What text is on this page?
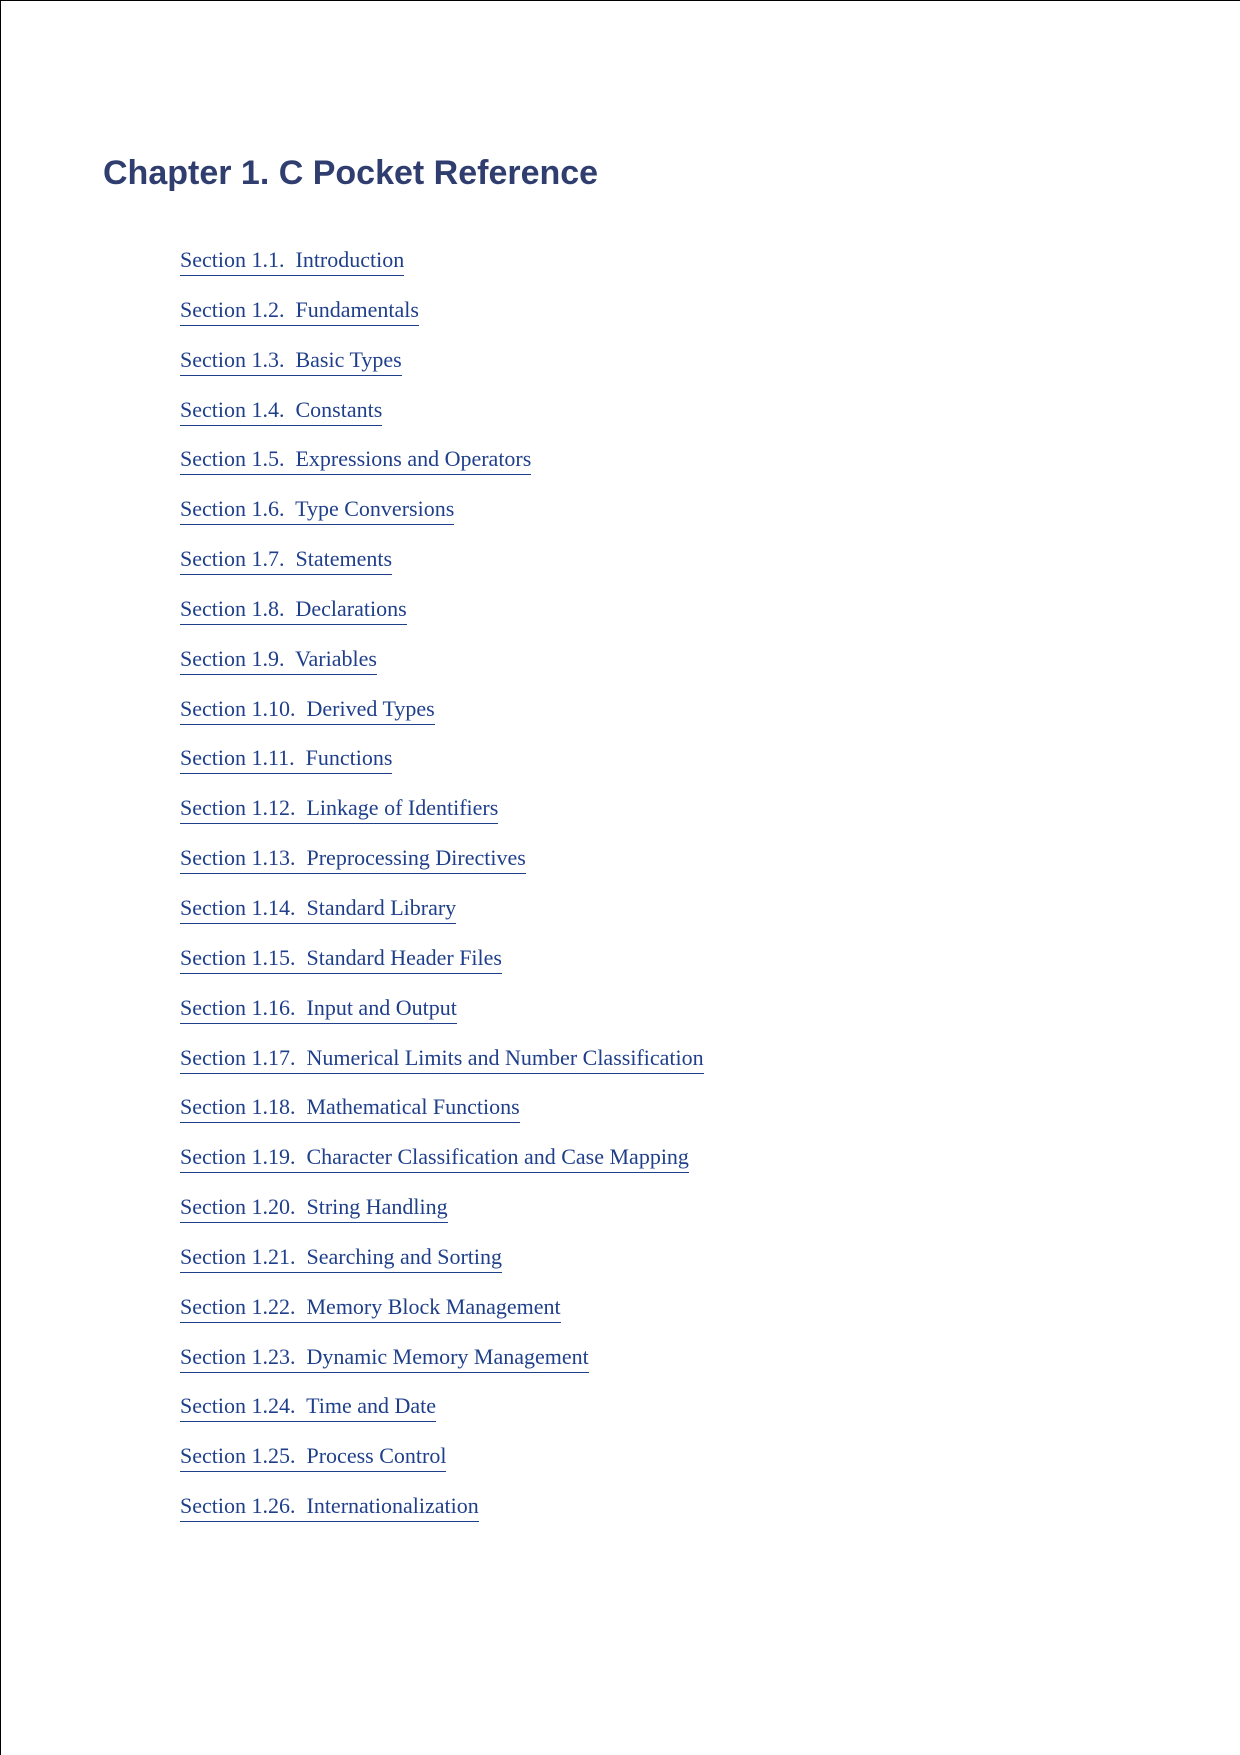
Chapter 1. C Pocket Reference
Section 1.1.  Introduction
Section 1.2.  Fundamentals
Section 1.3.  Basic Types
Section 1.4.  Constants
Section 1.5.  Expressions and Operators
Section 1.6.  Type Conversions
Section 1.7.  Statements
Section 1.8.  Declarations
Section 1.9.  Variables
Section 1.10.  Derived Types
Section 1.11.  Functions
Section 1.12.  Linkage of Identifiers
Section 1.13.  Preprocessing Directives
Section 1.14.  Standard Library
Section 1.15.  Standard Header Files
Section 1.16.  Input and Output
Section 1.17.  Numerical Limits and Number Classification
Section 1.18.  Mathematical Functions
Section 1.19.  Character Classification and Case Mapping
Section 1.20.  String Handling
Section 1.21.  Searching and Sorting
Section 1.22.  Memory Block Management
Section 1.23.  Dynamic Memory Management
Section 1.24.  Time and Date
Section 1.25.  Process Control
Section 1.26.  Internationalization
